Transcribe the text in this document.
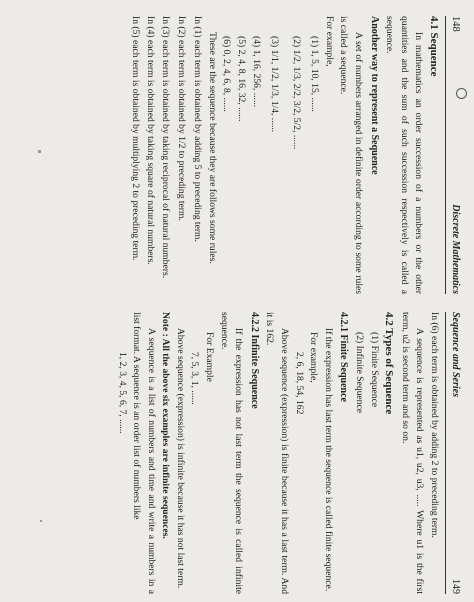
148
Discrete Mathematics
4.1 Sequence

In mathematics an order succession of a numbers or the other quantities and the sum of such succession respectively is called a sequence.

Another way to represent a Sequence

A set of numbers arranged in definite order according to some rules is called a sequence.

For example,

(1) 1, 5, 10, 15, ......
(2) 1/2, 1/3, 2/2, 3/2, 5/2, ......
(3) 1/1, 1/2, 1/3, 1/4, ......
(4) 1, 16, 256, ......
(5) 2, 4, 8, 16, 32, ......
(6) 0, 2, 4, 6, 8, ......

These are the sequence because they are follows some rules.

In (1) each term is obtained by adding 5 to preceding term.

In (2) each term is obtained by 1/2 to preceding term.

In (3) each term is obtained by taking reciprocal of natural numbers.

In (4) each term is obtained by taking square of natural numbers.

In (5) each term is obtained by multiplying 2 to preceding term.

Sequence and Series
149

In (6) each term is obtained by adding 2 to preceding term.

A sequence is represented as u1, u2, u3, ..... Where u1 is the first term, u2 is second term and so on.

4.2 Types of Sequence
(1) Finite Sequence
(2) Infinite Sequence
4.2.1 Finite Sequence

If the expression has last term the sequence is called finite sequence.

For example,

2, 6, 18, 54, 162

Above sequence (expression) is finite because it has a last term. And it is 162.

4.2.2 Infinite Sequence

If the expression has not last term the sequence is called infinite sequence.

For Example

7, 5, 3, 1, ......

Above sequence (expression) is infinite because it has not last term.

Note : All the above six examples are infinite sequences.

A sequence is a list of numbers and time and write a numbers in a list format. A sequence is an order list of numbers like

1, 2, 3, 4, 5, 6, 7, ......
